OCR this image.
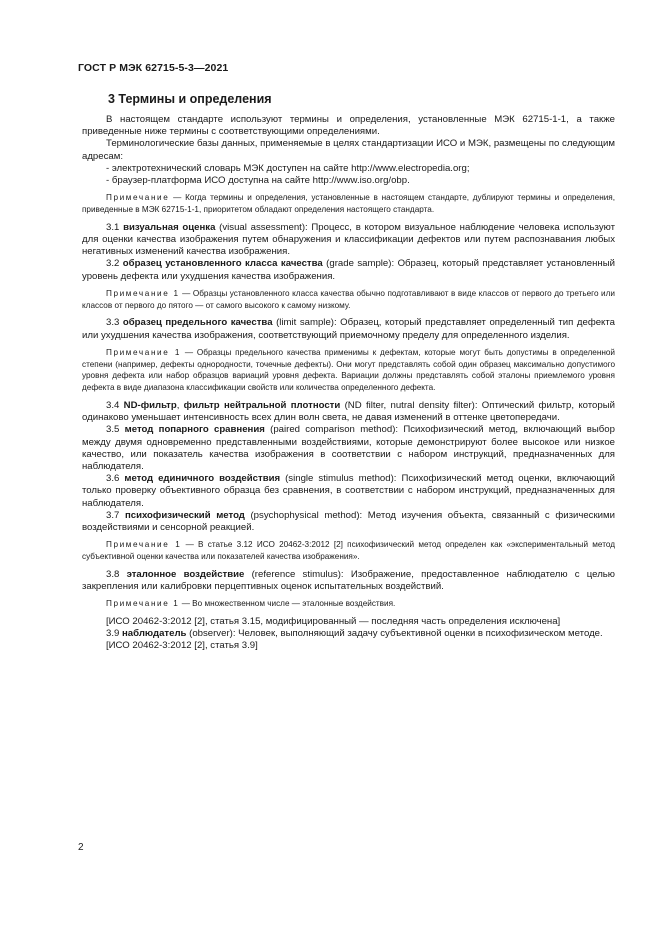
ГОСТ Р МЭК 62715-5-3—2021
3 Термины и определения

В настоящем стандарте используют термины и определения, установленные МЭК 62715-1-1, а также приведенные ниже термины с соответствующими определениями.

Терминологические базы данных, применяемые в целях стандартизации ИСО и МЭК, размещены по следующим адресам:

- электротехнический словарь МЭК доступен на сайте http://www.electropedia.org;

- браузер-платформа ИСО доступна на сайте http://www.iso.org/obp.

Примечание — Когда термины и определения, установленные в настоящем стандарте, дублируют термины и определения, приведенные в МЭК 62715-1-1, приоритетом обладают определения настоящего стандарта.

3.1 визуальная оценка (visual assessment): Процесс, в котором визуальное наблюдение человека используют для оценки качества изображения путем обнаружения и классификации дефектов или путем распознавания любых негативных изменений качества изображения.

3.2 образец установленного класса качества (grade sample): Образец, который представляет установленный уровень дефекта или ухудшения качества изображения.

Примечание 1 — Образцы установленного класса качества обычно подготавливают в виде классов от первого до третьего или классов от первого до пятого — от самого высокого к самому низкому.

3.3 образец предельного качества (limit sample): Образец, который представляет определенный тип дефекта или ухудшения качества изображения, соответствующий приемочному пределу для определенного изделия.

Примечание 1 — Образцы предельного качества применимы к дефектам, которые могут быть допустимы в определенной степени (например, дефекты однородности, точечные дефекты). Они могут представлять собой один образец максимально допустимого уровня дефекта или набор образцов вариаций уровня дефекта. Вариации должны представлять собой эталоны приемлемого уровня дефекта в виде диапазона классификации свойств или количества определенного дефекта.

3.4 ND-фильтр, фильтр нейтральной плотности (ND filter, nutral density filter): Оптический фильтр, который одинаково уменьшает интенсивность всех длин волн света, не давая изменений в оттенке цветопередачи.

3.5 метод попарного сравнения (paired comparison method): Психофизический метод, включающий выбор между двумя одновременно представленными воздействиями, которые демонстрируют более высокое или низкое качество, или показатель качества изображения в соответствии с набором инструкций, предназначенных для наблюдателя.

3.6 метод единичного воздействия (single stimulus method): Психофизический метод оценки, включающий только проверку объективного образца без сравнения, в соответствии с набором инструкций, предназначенных для наблюдателя.

3.7 психофизический метод (psychophysical method): Метод изучения объекта, связанный с физическими воздействиями и сенсорной реакцией.

Примечание 1 — В статье 3.12 ИСО 20462-3:2012 [2] психофизический метод определен как «экспериментальный метод субъективной оценки качества или показателей качества изображения».

3.8 эталонное воздействие (reference stimulus): Изображение, предоставленное наблюдателю с целью закрепления или калибровки перцептивных оценок испытательных воздействий.

Примечание 1 — Во множественном числе — эталонные воздействия.

[ИСО 20462-3:2012 [2], статья 3.15, модифицированный — последняя часть определения исключена]

3.9 наблюдатель (observer): Человек, выполняющий задачу субъективной оценки в психофизическом методе.

[ИСО 20462-3:2012 [2], статья 3.9]

2
